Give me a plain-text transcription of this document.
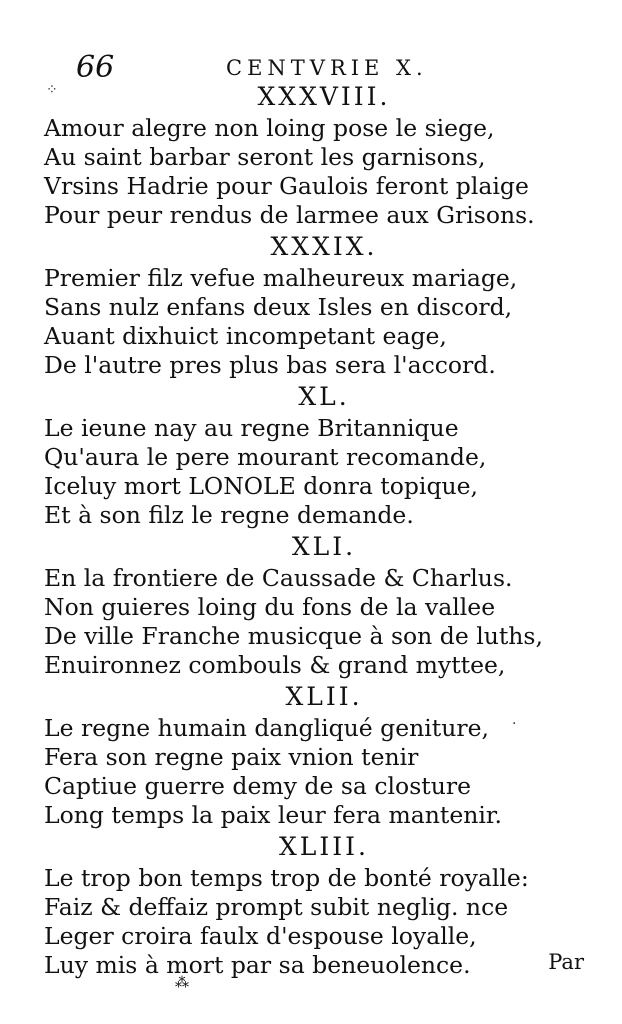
66	CENTVRIE X.
⁘	XXXVIII.
Amour alegre non loing pose le siege,
Au saint barbar seront les garnisons,
Vrsins Hadrie pour Gaulois feront plaige
Pour peur rendus de larmee aux Grisons.
XXXIX.
Premier filz vefue malheureux mariage,
Sans nulz enfans deux Isles en discord,
Auant dixhuict incompetant eage,
De l'autre pres plus bas sera l'accord.
XL.
Le ieune nay au regne Britannique
Qu'aura le pere mourant recomande,
Iceluy mort LONOLE donra topique,
Et à son filz le regne demande.
XLI.
En la frontiere de Caussade & Charlus.
Non guieres loing du fons de la vallee
De ville Franche musicque à son de luths,
Enuironnez combouls & grand myttee,
XLII.
Le regne humain dangliqué geniture,
Fera son regne paix vnion tenir
Captiue guerre demy de sa closture
Long temps la paix leur fera mantenir.
XLIII.
Le trop bon temps trop de bonté royalle:
Faiz & deffaiz prompt subit neglig. nce
Leger croira faulx d'espouse loyalle,
Luy mis à mort par sa beneuolence.
⁂
Par
·
